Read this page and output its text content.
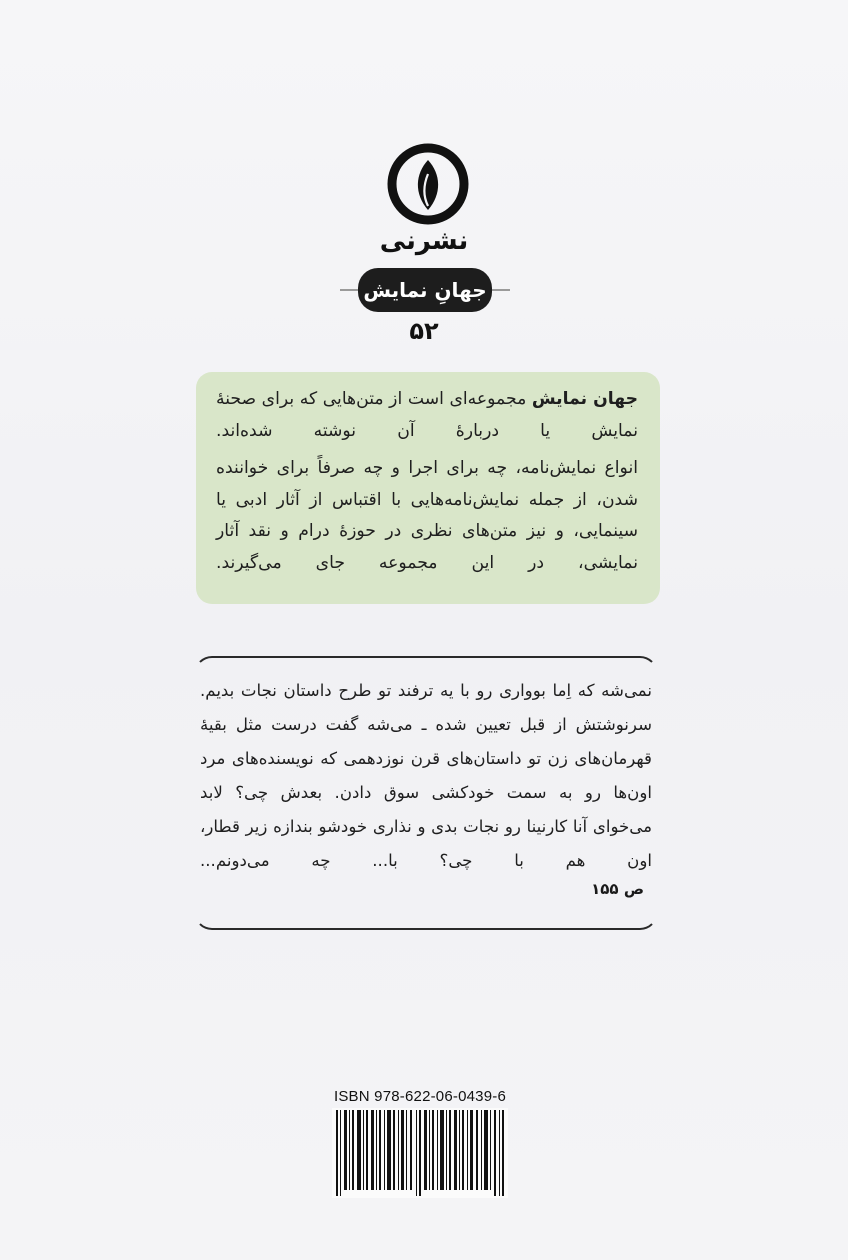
نشرنی
جهانِ نمایش
۵۲

جهان نمایش مجموعه‌ای است از متن‌هایی که برای صحنهٔ نمایش یا دربارهٔ آن نوشته شده‌اند.

انواع نمایش‌نامه، چه برای اجرا و چه صرفاً برای خواننده شدن، از جمله نمایش‌نامه‌هایی با اقتباس از آثار ادبی یا سینمایی، و نیز متن‌های نظری در حوزهٔ درام و نقد آثار نمایشی، در این مجموعه جای می‌گیرند.

نمی‌شه که اِما بوواری رو با یه ترفند تو طرح داستان نجات بدیم. سرنوشتش از قبل تعیین شده ـ می‌شه گفت درست مثل بقیهٔ قهرمان‌های زن تو داستان‌های قرن نوزدهمی که نویسنده‌های مرد اون‌ها رو به سمت خودکشی سوق دادن. بعدش چی؟ لابد می‌خوای آنا کارنینا رو نجات بدی و نذاری خودشو بندازه زیر قطار، اون هم با چی؟ با... چه می‌دونم...

ص ۱۵۵
ISBN 978-622-06-0439-6
